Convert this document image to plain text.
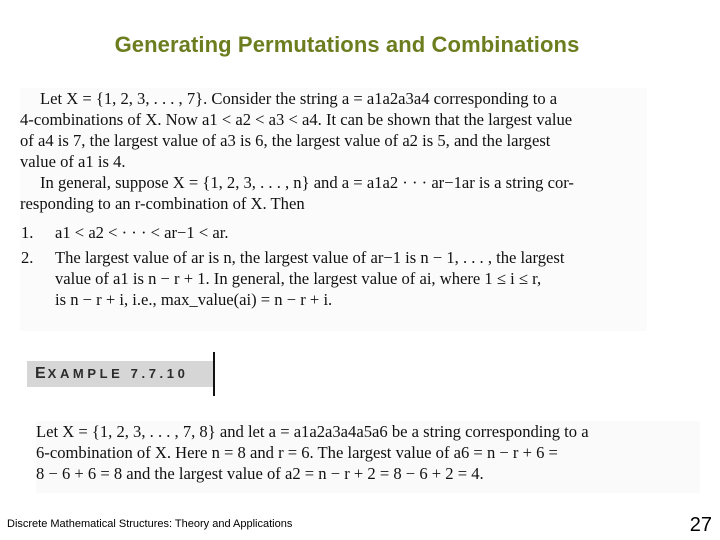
Generating Permutations and Combinations

Let X = {1, 2, 3, . . . , 7}. Consider the string a = a1a2a3a4 corresponding to a

4-combinations of X. Now a1 < a2 < a3 < a4. It can be shown that the largest value

of a4 is 7, the largest value of a3 is 6, the largest value of a2 is 5, and the largest

value of a1 is 4.

In general, suppose X = {1, 2, 3, . . . , n} and a = a1a2 · · · ar−1ar is a string cor-

responding to an r-combination of X. Then

1.	a1 < a2 < · · · < ar−1 < ar.
2.	The largest value of ar is n, the largest value of ar−1 is n − 1, . . . , the largest
value of a1 is n − r + 1. In general, the largest value of ai, where 1 ≤ i ≤ r,
is n − r + i, i.e., max_value(ai) = n − r + i.
EXAMPLE 7.7.10

Let X = {1, 2, 3, . . . , 7, 8} and let a = a1a2a3a4a5a6 be a string corresponding to a

6-combination of X. Here n = 8 and r = 6. The largest value of a6 = n − r + 6 =

8 − 6 + 6 = 8 and the largest value of a2 = n − r + 2 = 8 − 6 + 2 = 4.

Discrete Mathematical Structures: Theory and Applications	27
